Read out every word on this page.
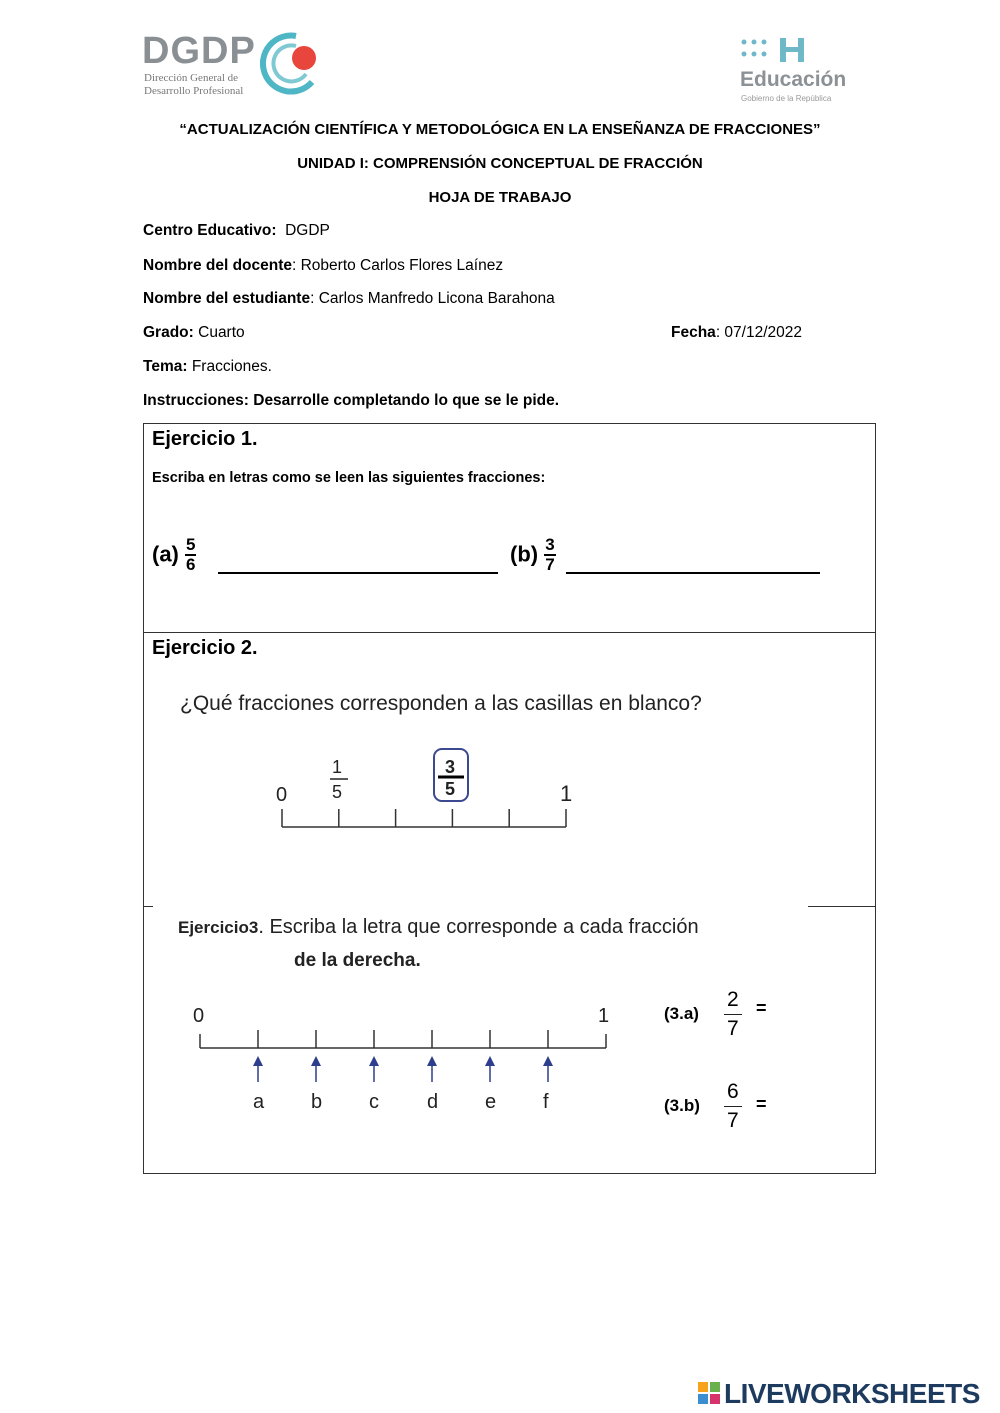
DGDP
Dirección General de
Desarrollo Profesional	Educación
Gobierno de la República
“ACTUALIZACIÓN CIENTÍFICA Y METODOLÓGICA EN LA ENSEÑANZA DE FRACCIONES”
UNIDAD I: COMPRENSIÓN CONCEPTUAL DE FRACCIÓN
HOJA DE TRABAJO
Centro Educativo: DGDP
Nombre del docente: Roberto Carlos Flores Laínez
Nombre del estudiante: Carlos Manfredo Licona Barahona
Grado: Cuarto	Fecha: 07/12/2022
Tema: Fracciones.
Instrucciones: Desarrolle completando lo que se le pide.
Ejercicio 1.
Escriba en letras como se leen las siguientes fracciones:
$(a) \frac{5}{6}$	$(b) \frac{3}{7}$
Ejercicio 2.
¿Qué fracciones corresponden a las casillas en blanco?
0	1
1
5
3
5
Ejercicio3. Escriba la letra que corresponde a cada fracción
de la derecha.
0	1
a b c d e f
(3.a)
2
7
=
(3.b)
6
7
=
LIVEWORKSHEETS
